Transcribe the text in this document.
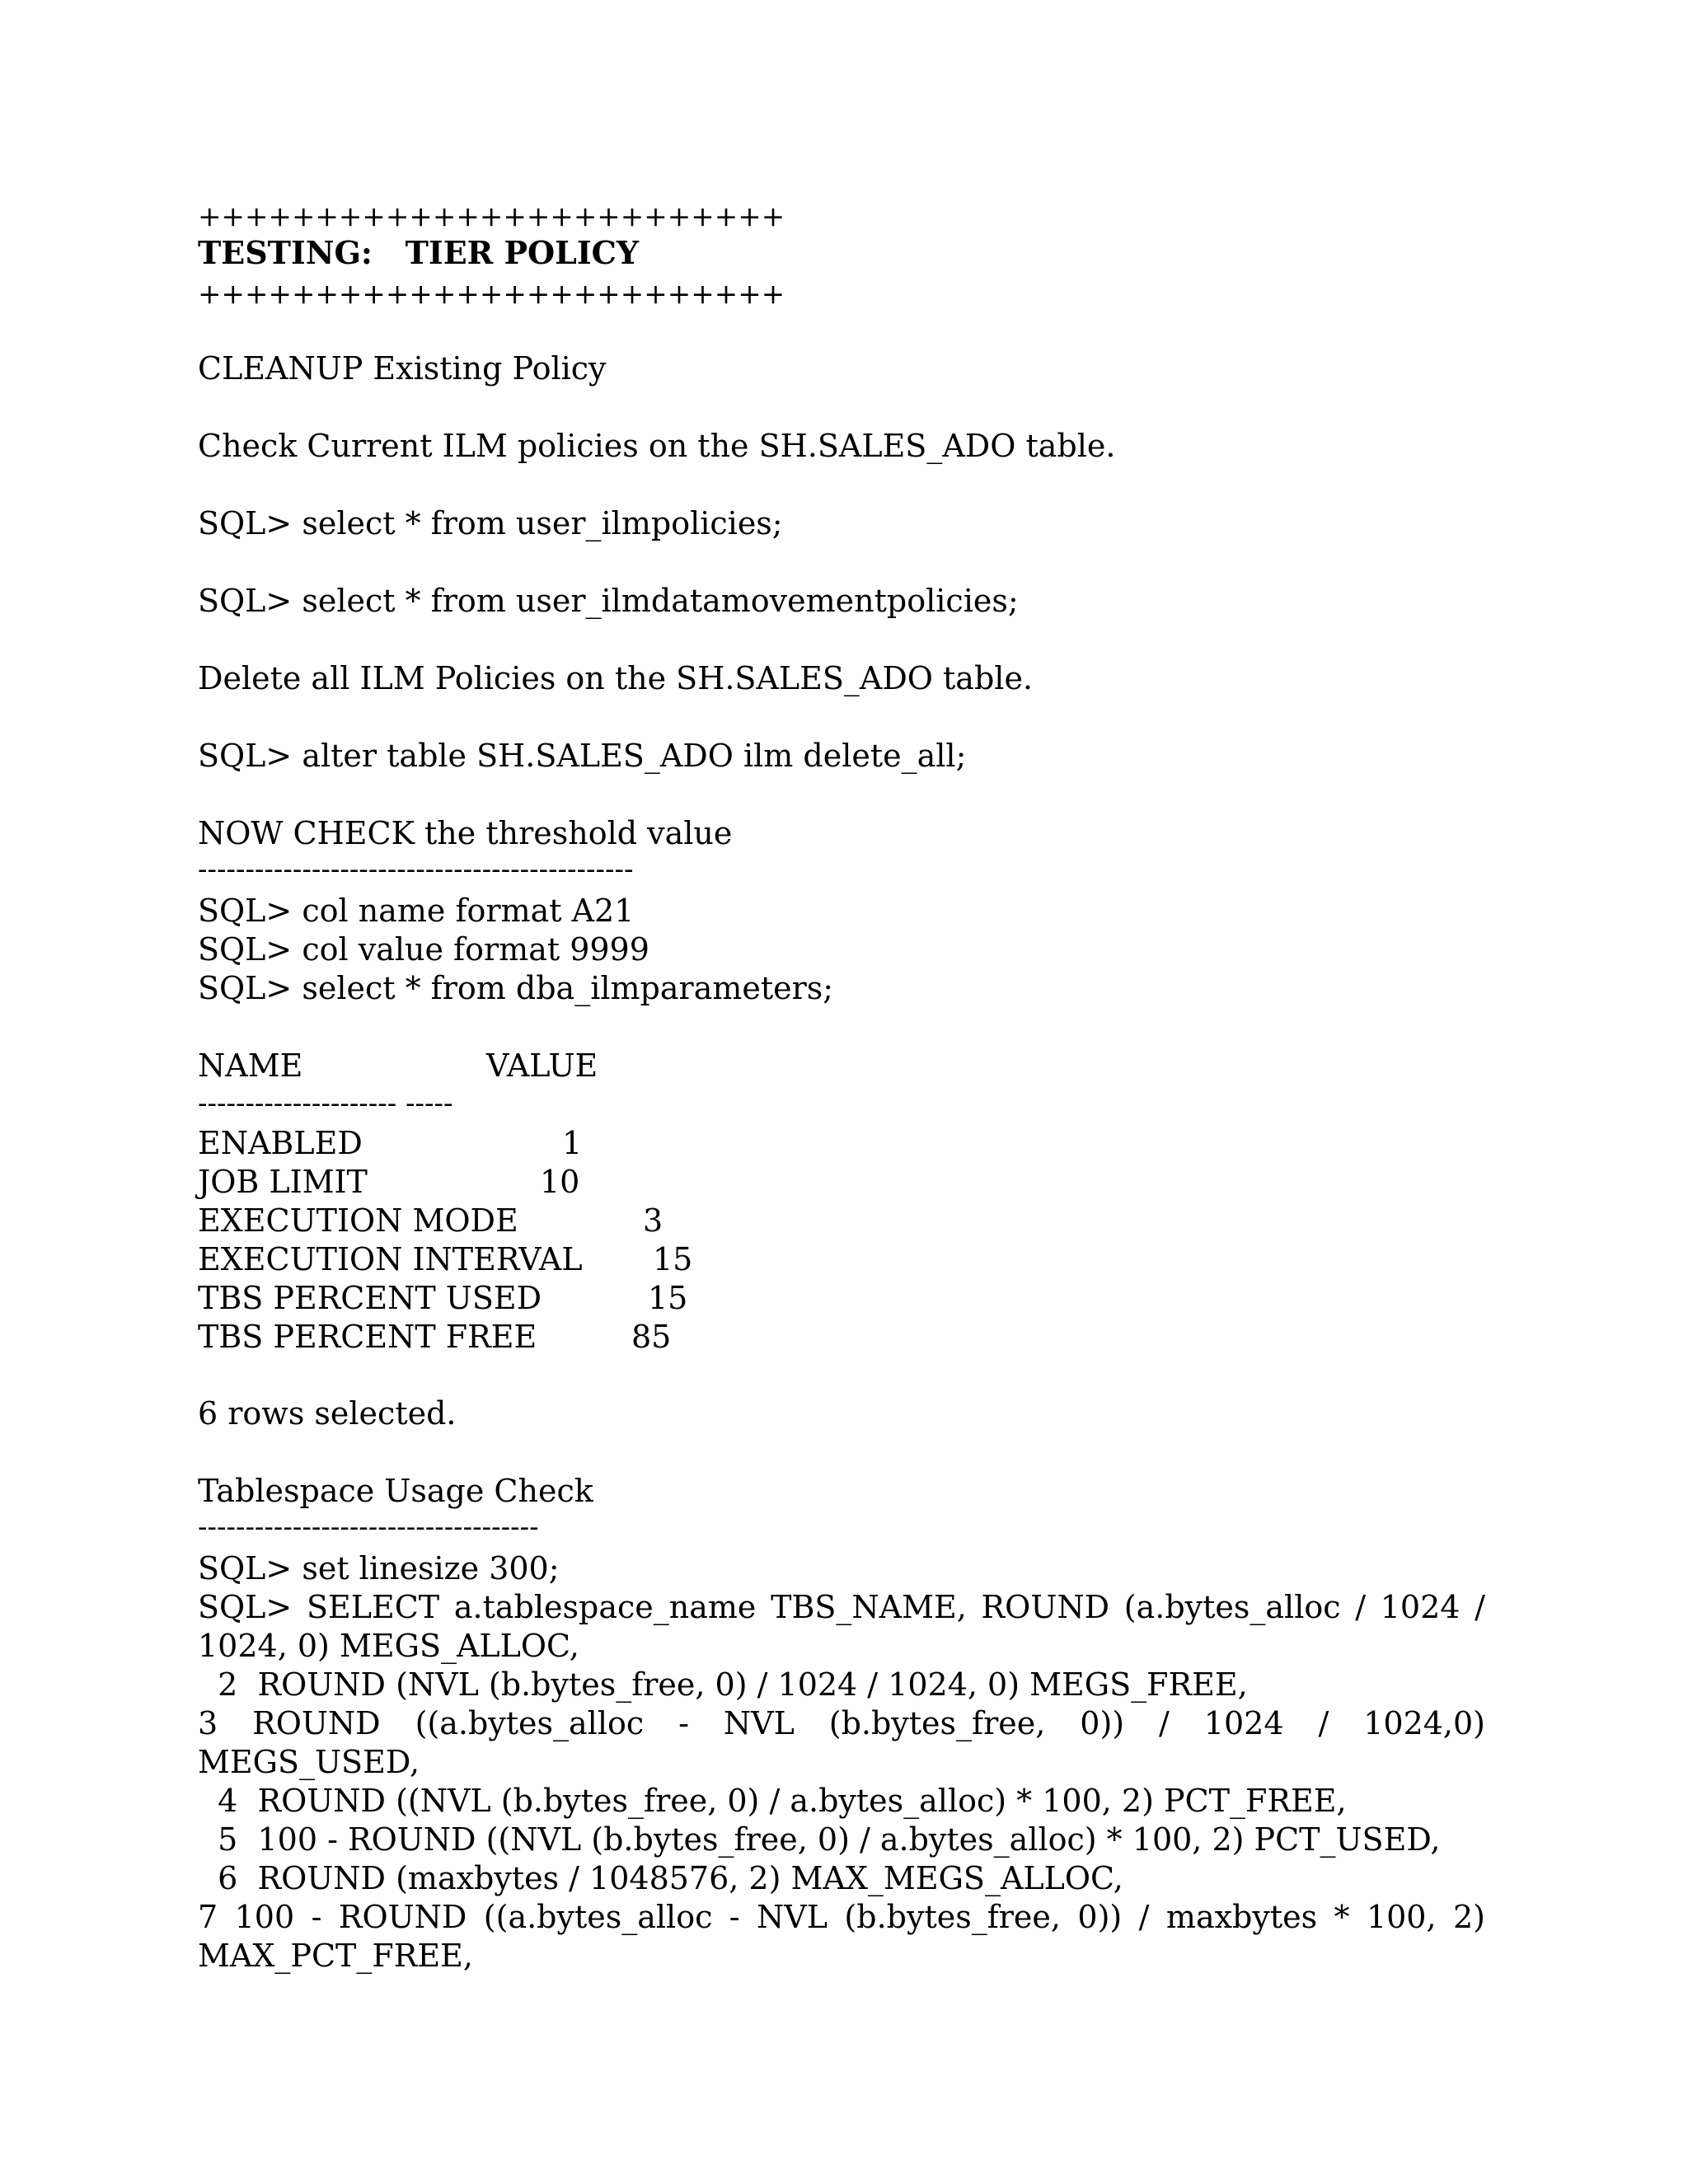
+++++++++++++++++++++++++
TESTING:   TIER POLICY
+++++++++++++++++++++++++
CLEANUP Existing Policy
Check Current ILM policies on the SH.SALES_ADO table.
SQL> select * from user_ilmpolicies;
SQL> select * from user_ilmdatamovementpolicies;
Delete all ILM Policies on the SH.SALES_ADO table.
SQL> alter table SH.SALES_ADO ilm delete_all;
NOW CHECK the threshold value
----------------------------------------------
SQL> col name format A21
SQL> col value format 9999
SQL> select * from dba_ilmparameters;
NAME	VALUE
--------------------- -----
ENABLED	1
JOB LIMIT	10
EXECUTION MODE	3
EXECUTION INTERVAL 15
TBS PERCENT USED	15
TBS PERCENT FREE	85
6 rows selected.
Tablespace Usage Check
------------------------------------
SQL> set linesize 300;
SQL> SELECT a.tablespace_name TBS_NAME, ROUND (a.bytes_alloc / 1024 /
1024, 0) MEGS_ALLOC,
2  ROUND (NVL (b.bytes_free, 0) / 1024 / 1024, 0) MEGS_FREE,
3 ROUND ((a.bytes_alloc - NVL (b.bytes_free, 0)) / 1024 / 1024,0)
MEGS_USED,
4  ROUND ((NVL (b.bytes_free, 0) / a.bytes_alloc) * 100, 2) PCT_FREE,
5  100 - ROUND ((NVL (b.bytes_free, 0) / a.bytes_alloc) * 100, 2) PCT_USED,
6  ROUND (maxbytes / 1048576, 2) MAX_MEGS_ALLOC,
7 100 - ROUND ((a.bytes_alloc - NVL (b.bytes_free, 0)) / maxbytes * 100, 2)
MAX_PCT_FREE,
